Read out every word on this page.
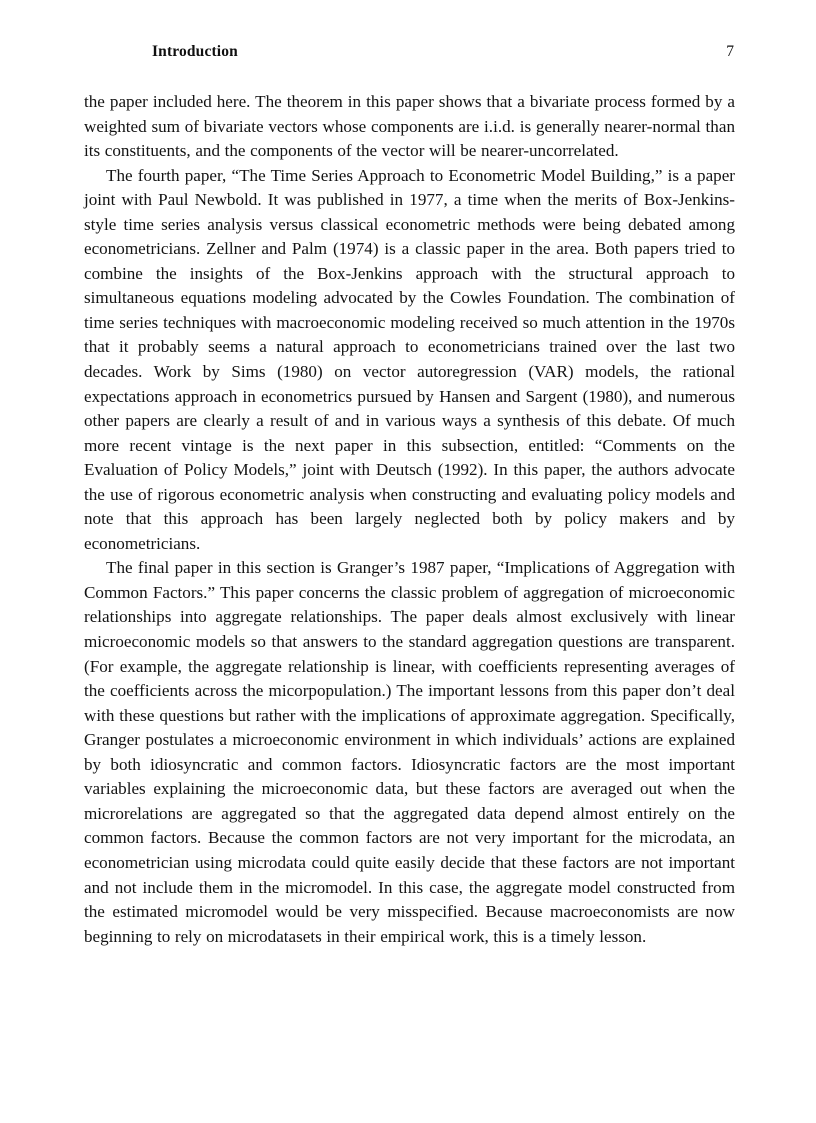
Introduction	7

the paper included here. The theorem in this paper shows that a bivariate process formed by a weighted sum of bivariate vectors whose components are i.i.d. is generally nearer-normal than its constituents, and the components of the vector will be nearer-uncorrelated.

The fourth paper, “The Time Series Approach to Econometric Model Building,” is a paper joint with Paul Newbold. It was published in 1977, a time when the merits of Box-Jenkins-style time series analysis versus classical econometric methods were being debated among econometricians. Zellner and Palm (1974) is a classic paper in the area. Both papers tried to combine the insights of the Box-Jenkins approach with the structural approach to simultaneous equations modeling advocated by the Cowles Foundation. The combination of time series techniques with macroeconomic modeling received so much attention in the 1970s that it probably seems a natural approach to econometricians trained over the last two decades. Work by Sims (1980) on vector autoregression (VAR) models, the rational expectations approach in econometrics pursued by Hansen and Sargent (1980), and numerous other papers are clearly a result of and in various ways a synthesis of this debate. Of much more recent vintage is the next paper in this subsection, entitled: “Comments on the Evaluation of Policy Models,” joint with Deutsch (1992). In this paper, the authors advocate the use of rigorous econometric analysis when constructing and evaluating policy models and note that this approach has been largely neglected both by policy makers and by econometricians.

The final paper in this section is Granger’s 1987 paper, “Implications of Aggregation with Common Factors.” This paper concerns the classic problem of aggregation of microeconomic relationships into aggregate relationships. The paper deals almost exclusively with linear microeconomic models so that answers to the standard aggregation questions are transparent. (For example, the aggregate relationship is linear, with coefficients representing averages of the coefficients across the micorpopulation.) The important lessons from this paper don’t deal with these questions but rather with the implications of approximate aggregation. Specifically, Granger postulates a microeconomic environment in which individuals’ actions are explained by both idiosyncratic and common factors. Idiosyncratic factors are the most important variables explaining the microeconomic data, but these factors are averaged out when the microrelations are aggregated so that the aggregated data depend almost entirely on the common factors. Because the common factors are not very important for the microdata, an econometrician using microdata could quite easily decide that these factors are not important and not include them in the micromodel. In this case, the aggregate model constructed from the estimated micromodel would be very misspecified. Because macroeconomists are now beginning to rely on microdatasets in their empirical work, this is a timely lesson.
